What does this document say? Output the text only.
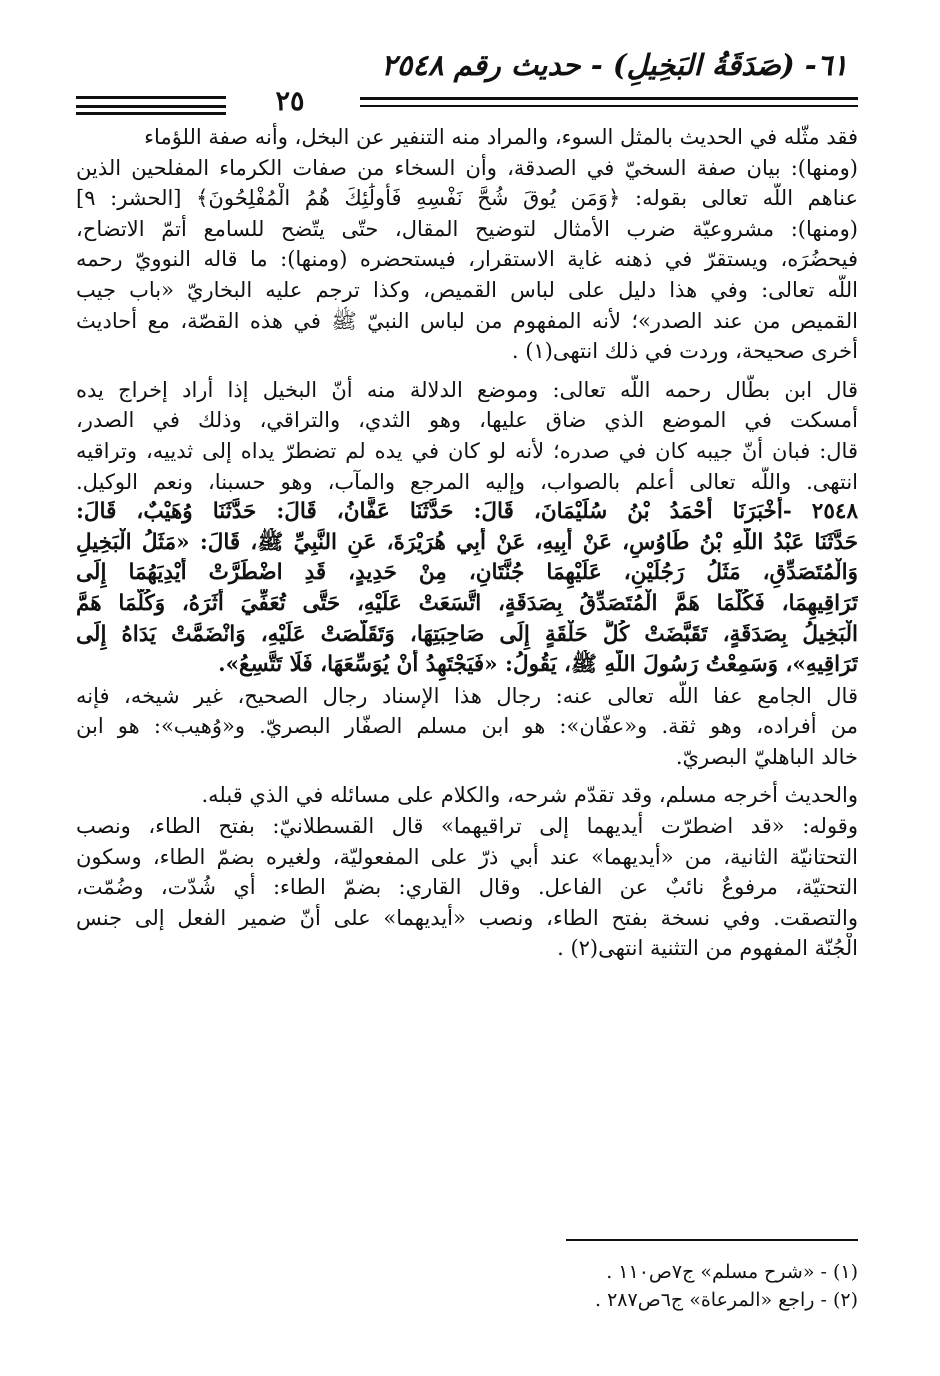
٦١- (صَدَقَةُ البَخِيلِ) - حديث رقم ٢٥٤٨
٢٥
فقد مثّله في الحديث بالمثل السوء، والمراد منه التنفير عن البخل، وأنه صفة اللؤماء
(ومنها): بيان صفة السخيّ في الصدقة، وأن السخاء من صفات الكرماء المفلحين الذين
عناهم اللّه تعالى بقوله: ﴿وَمَن يُوقَ شُحَّ نَفْسِهِ فَأُولَٰئِكَ هُمُ الْمُفْلِحُونَ﴾ [الحشر: ٩]
(ومنها): مشروعيّة ضرب الأمثال لتوضيح المقال، حتّى يتّضح للسامع أتمّ الاتضاح،
فيحضُرَه، ويستقرّ في ذهنه غاية الاستقرار، فيستحضره (ومنها): ما قاله النوويّ رحمه
اللّه تعالى: وفي هذا دليل على لباس القميص، وكذا ترجم عليه البخاريّ «باب جيب
القميص من عند الصدر»؛ لأنه المفهوم من لباس النبيّ ﷺ في هذه القصّة، مع أحاديث
أخرى صحيحة، وردت في ذلك انتهى(١) .
قال ابن بطّال رحمه اللّه تعالى: وموضع الدلالة منه أنّ البخيل إذا أراد إخراج يده
أمسكت في الموضع الذي ضاق عليها، وهو الثدي، والتراقي، وذلك في الصدر،
قال: فبان أنّ جيبه كان في صدره؛ لأنه لو كان في يده لم تضطرّ يداه إلى ثدييه، وتراقيه
انتهى. واللّه تعالى أعلم بالصواب، وإليه المرجع والمآب، وهو حسبنا، ونعم الوكيل.
٢٥٤٨ -أَخْبَرَنَا أَحْمَدُ بْنُ سُلَيْمَانَ، قَالَ: حَدَّثَنَا عَفَّانُ، قَالَ: حَدَّثَنَا وُهَيْبٌ، قَالَ:
حَدَّثَنَا عَبْدُ اللَّهِ بْنُ طَاوُسٍ، عَنْ أَبِيهِ، عَنْ أَبِي هُرَيْرَةَ، عَنِ النَّبِيِّ ﷺ، قَالَ: «مَثَلُ الْبَخِيلِ
وَالْمُتَصَدِّقِ، مَثَلُ رَجُلَيْنِ، عَلَيْهِمَا جُنَّتَانِ، مِنْ حَدِيدٍ، قَدِ اضْطَرَّتْ أَيْدِيَهُمَا إِلَى
تَرَاقِيهِمَا، فَكُلَّمَا هَمَّ الْمُتَصَدِّقُ بِصَدَقَةٍ، اتَّسَعَتْ عَلَيْهِ، حَتَّى تُعَفِّيَ أَثَرَهُ، وَكُلَّمَا هَمَّ
الْبَخِيلُ بِصَدَقَةٍ، تَقَبَّضَتْ كُلُّ حَلْقَةٍ إِلَى صَاحِبَتِهَا، وَتَقَلَّصَتْ عَلَيْهِ، وَانْضَمَّتْ يَدَاهُ إِلَى
تَرَاقِيهِ»، وَسَمِعْتُ رَسُولَ اللَّهِ ﷺ، يَقُولُ: «فَيَجْتَهِدُ أَنْ يُوَسِّعَهَا، فَلَا تَتَّسِعُ».
قال الجامع عفا اللّه تعالى عنه: رجال هذا الإسناد رجال الصحيح، غير شيخه، فإنه
من أفراده، وهو ثقة. و«عفّان»: هو ابن مسلم الصفّار البصريّ. و«وُهيب»: هو ابن
خالد الباهليّ البصريّ.
والحديث أخرجه مسلم، وقد تقدّم شرحه، والكلام على مسائله في الذي قبله.
وقوله: «قد اضطرّت أيديهما إلى تراقيهما» قال القسطلانيّ: بفتح الطاء، ونصب
التحتانيّة الثانية، من «أيديهما» عند أبي ذرّ على المفعوليّة، ولغيره بضمّ الطاء، وسكون
التحتيّة، مرفوعٌ نائبٌ عن الفاعل. وقال القاري: بضمّ الطاء: أي شُدّت، وضُمّت،
والتصقت. وفي نسخة بفتح الطاء، ونصب «أيديهما» على أنّ ضمير الفعل إلى جنس
الْجُنّة المفهوم من التثنية انتهى(٢) .
(١) - «شرح مسلم» ج٧ص١١٠ .
(٢) - راجع «المرعاة» ج٦ص٢٨٧ .
